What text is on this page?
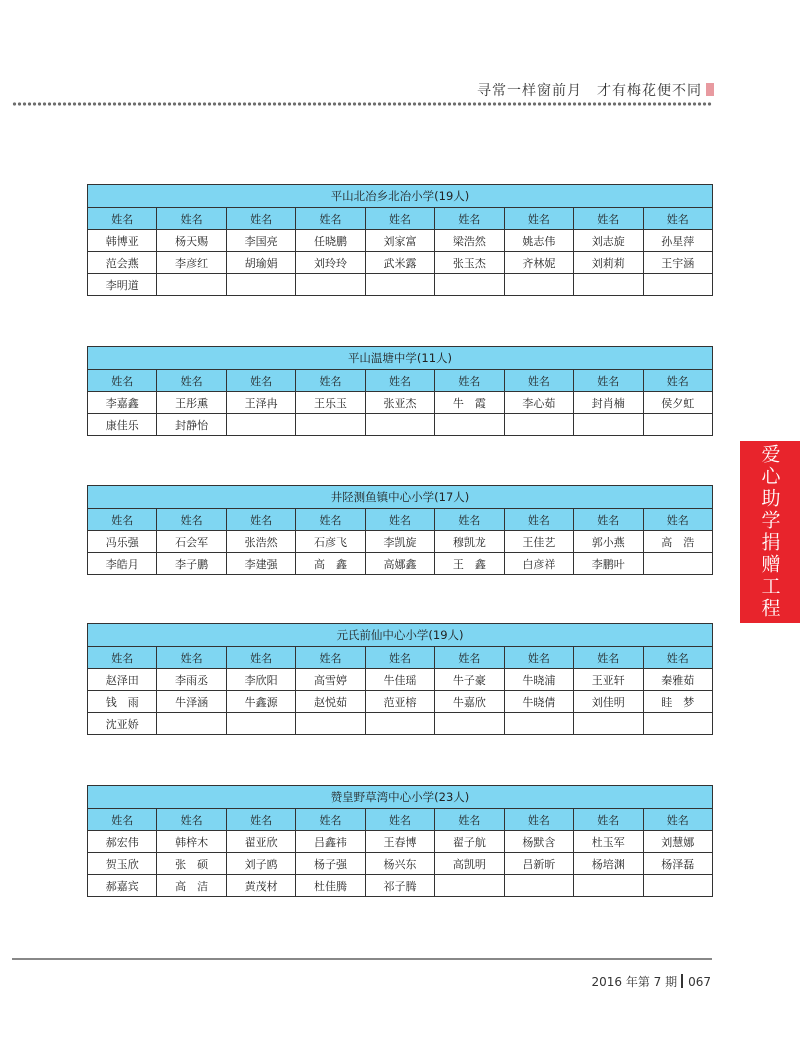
寻常一样窗前月　才有梅花便不同
爱心助学捐赠工程
平山北冶乡北冶小学(19人)								
姓名	姓名	姓名	姓名	姓名	姓名	姓名	姓名	姓名
韩博亚	杨天赐	李国亮	任晓鹏	刘家富	梁浩然	姚志伟	刘志旋	孙星萍
范会燕	李彦红	胡瑜娟	刘玲玲	武米露	张玉杰	齐林妮	刘莉莉	王宇涵
李明道								
平山温塘中学(11人)								
姓名	姓名	姓名	姓名	姓名	姓名	姓名	姓名	姓名
李嘉鑫	王彤熏	王泽冉	王乐玉	张亚杰	牛　霞	李心茹	封肖楠	侯夕虹
康佳乐	封静怡							
井陉测鱼镇中心小学(17人)								
姓名	姓名	姓名	姓名	姓名	姓名	姓名	姓名	姓名
冯乐强	石会军	张浩然	石彦飞	李凯旋	穆凯龙	王佳艺	郭小燕	高　浩
李皓月	李子鹏	李建强	高　鑫	高娜鑫	王　鑫	白彦祥	李鹏叶	
元氏前仙中心小学(19人)								
姓名	姓名	姓名	姓名	姓名	姓名	姓名	姓名	姓名
赵泽田	李雨丞	李欣阳	高雪婷	牛佳瑶	牛子豪	牛晓浦	王亚轩	秦雅茹
钱　雨	牛泽涵	牛鑫源	赵悦茹	范亚榕	牛嘉欣	牛晓倩	刘佳明	眭　梦
沈亚娇								
赞皇野草湾中心小学(23人)								
姓名	姓名	姓名	姓名	姓名	姓名	姓名	姓名	姓名
郝宏伟	韩梓木	翟亚欣	吕鑫祎	王春博	翟子航	杨默含	杜玉军	刘慧娜
贺玉欣	张　硕	刘子鸥	杨子强	杨兴东	高凯明	吕新昕	杨培渊	杨泽磊
郝嘉宾	高　洁	黄茂材	杜佳腾	祁子腾				
2016 年第 7 期 067
